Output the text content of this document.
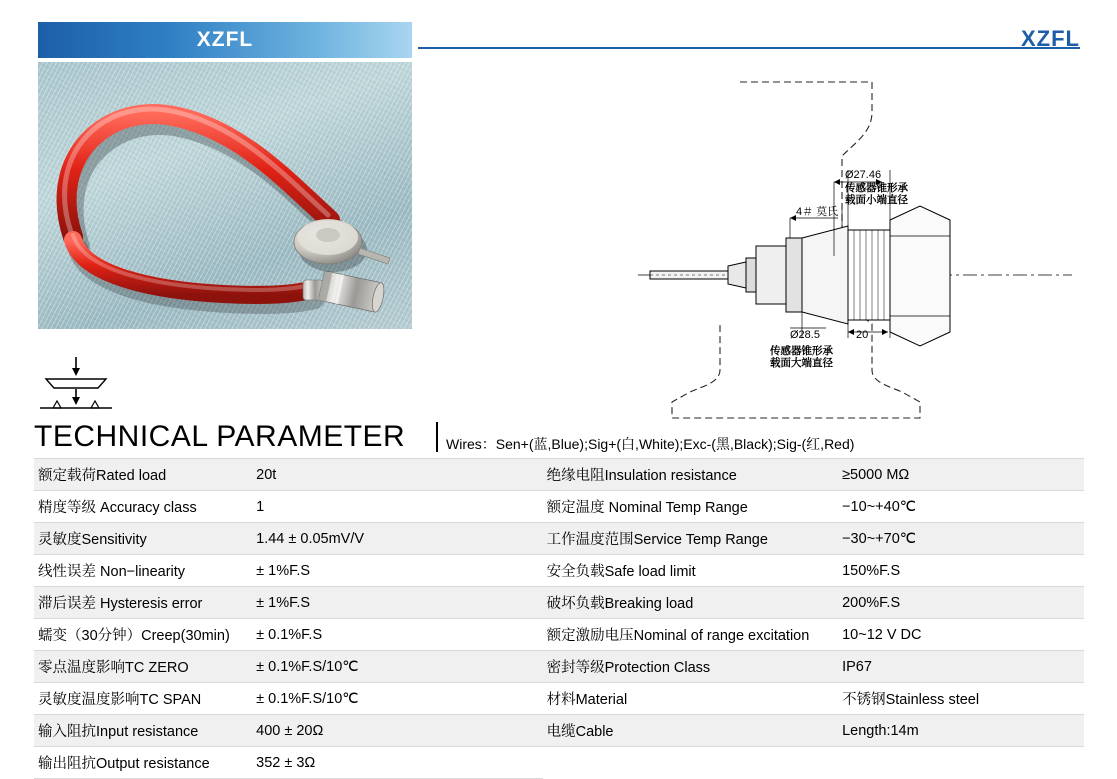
XZFL	XZFL
Ø27.46
传感器锥形承
载面小端直径
4＃ 莫氏
Ø28.5	20
传感器锥形承
载面大端直径
TECHNICAL PARAMETER	Wires：Sen+(蓝,Blue);Sig+(白,White);Exc-(黑,Black);Sig-(红,Red)
额定载荷Rated load	20t	绝缘电阻Insulation resistance	≥5000 MΩ
精度等级 Accuracy class	1	额定温度 Nominal Temp Range	−10~+40℃
灵敏度Sensitivity	1.44 ± 0.05mV/V	工作温度范围Service Temp Range	−30~+70℃
线性误差 Non−linearity	± 1%F.S	安全负载Safe load limit	150%F.S
滞后误差 Hysteresis error	± 1%F.S	破坏负载Breaking load	200%F.S
蠕变（30分钟）Creep(30min)	± 0.1%F.S	额定激励电压Nominal of range excitation	10~12 V DC
零点温度影响TC ZERO	± 0.1%F.S/10℃	密封等级Protection Class	IP67
灵敏度温度影响TC SPAN	± 0.1%F.S/10℃	材料Material	不锈钢Stainless steel
输入阻抗Input resistance	400 ± 20Ω	电缆Cable	Length:14m
输出阻抗Output resistance	352 ± 3Ω		
